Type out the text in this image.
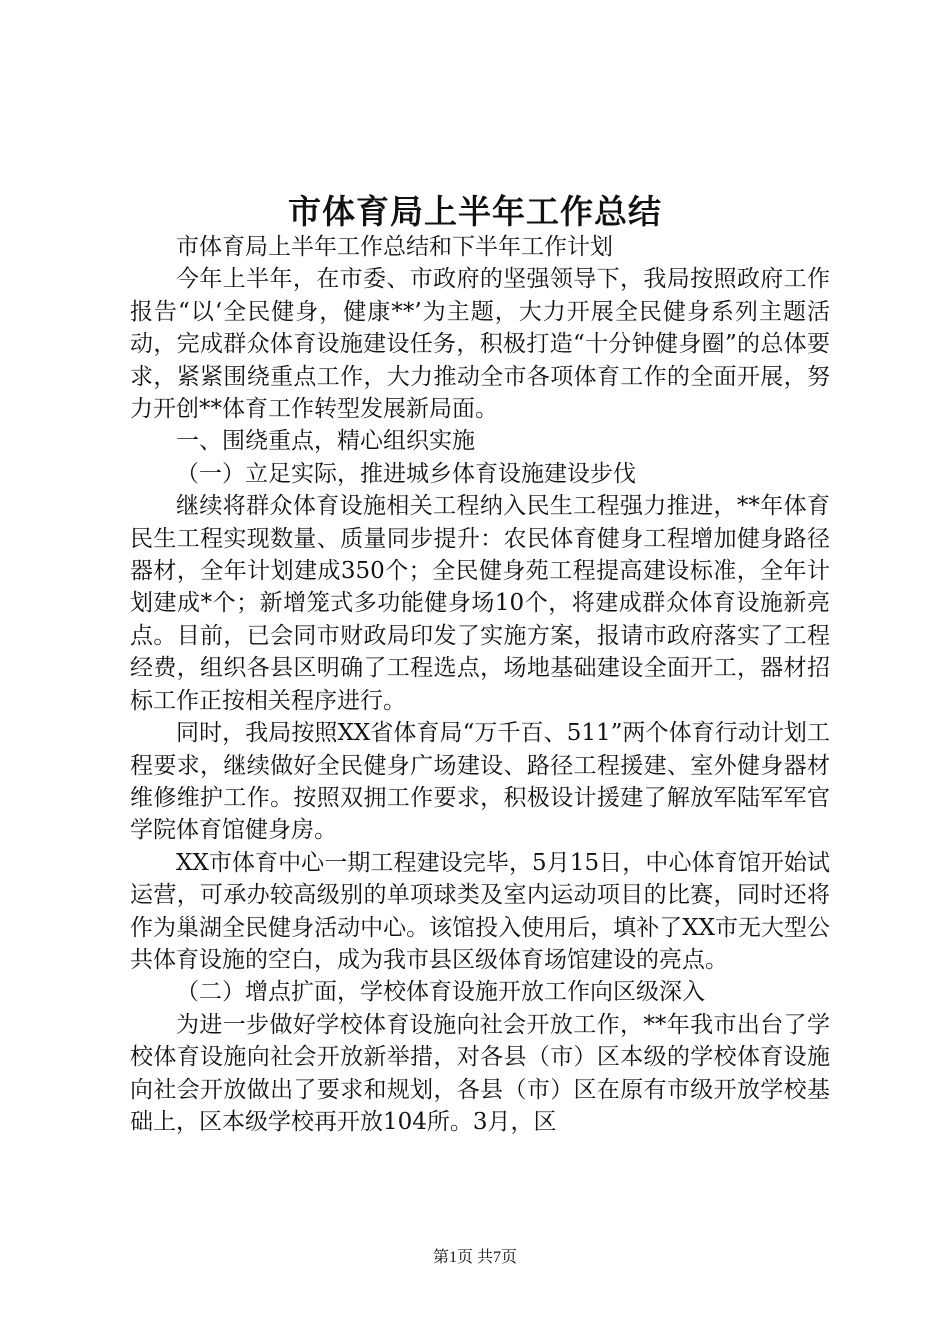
市体育局上半年工作总结

市体育局上半年工作总结和下半年工作计划

今年上半年，在市委、市政府的坚强领导下，我局按照政府工作报告“以‘全民健身，健康**’为主题，大力开展全民健身系列主题活动，完成群众体育设施建设任务，积极打造“十分钟健身圈”的总体要求，紧紧围绕重点工作，大力推动全市各项体育工作的全面开展，努力开创**体育工作转型发展新局面。

一、围绕重点，精心组织实施

（一）立足实际，推进城乡体育设施建设步伐

继续将群众体育设施相关工程纳入民生工程强力推进，**年体育民生工程实现数量、质量同步提升：农民体育健身工程增加健身路径器材，全年计划建成350个；全民健身苑工程提高建设标准，全年计划建成*个；新增笼式多功能健身场10个，将建成群众体育设施新亮点。目前，已会同市财政局印发了实施方案，报请市政府落实了工程经费，组织各县区明确了工程选点，场地基础建设全面开工，器材招标工作正按相关程序进行。

同时，我局按照XX省体育局“万千百、511”两个体育行动计划工程要求，继续做好全民健身广场建设、路径工程援建、室外健身器材维修维护工作。按照双拥工作要求，积极设计援建了解放军陆军军官学院体育馆健身房。

XX市体育中心一期工程建设完毕，5月15日，中心体育馆开始试运营，可承办较高级别的单项球类及室内运动项目的比赛，同时还将作为巢湖全民健身活动中心。该馆投入使用后，填补了XX市无大型公共体育设施的空白，成为我市县区级体育场馆建设的亮点。

（二）增点扩面，学校体育设施开放工作向区级深入

为进一步做好学校体育设施向社会开放工作，**年我市出台了学校体育设施向社会开放新举措，对各县（市）区本级的学校体育设施向社会开放做出了要求和规划，各县（市）区在原有市级开放学校基础上，区本级学校再开放104所。3月，区

第1页 共7页
